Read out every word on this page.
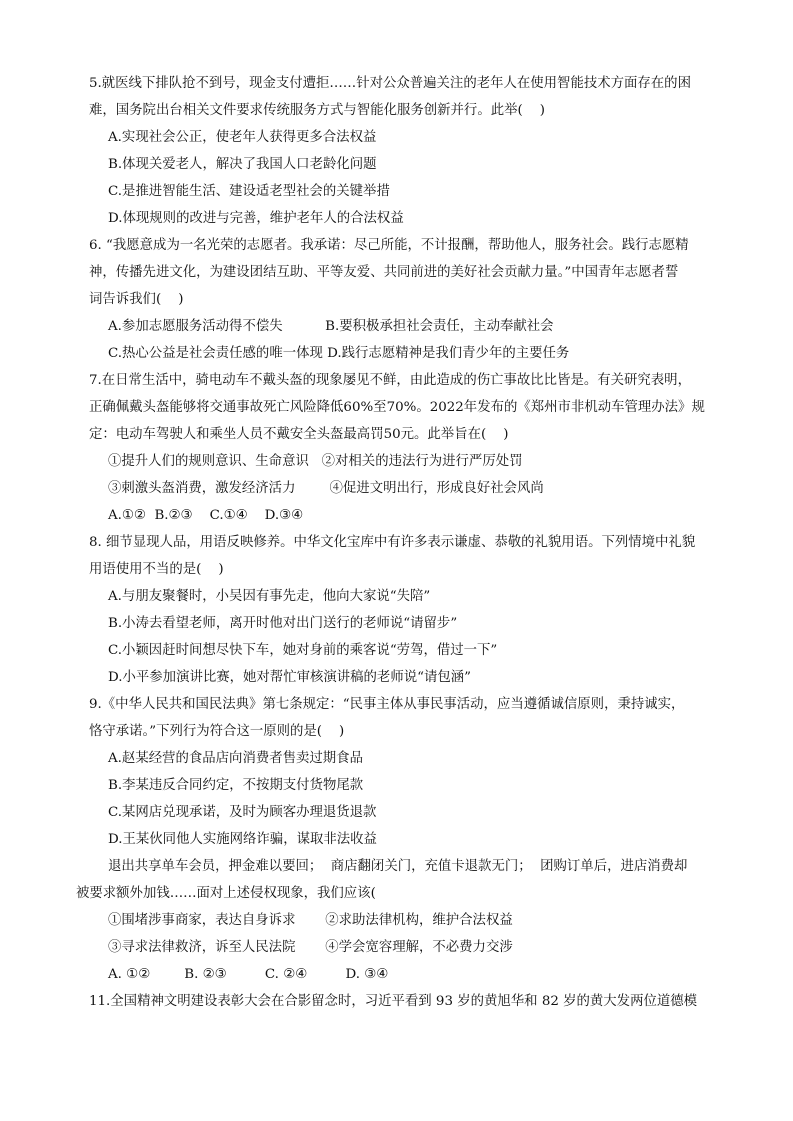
5.就医线下排队抢不到号，现金支付遭拒……针对公众普遍关注的老年人在使用智能技术方面存在的困
难，国务院出台相关文件要求传统服务方式与智能化服务创新并行。此举(    )
A.实现社会公正，使老年人获得更多合法权益
B.体现关爱老人，解决了我国人口老龄化问题
C.是推进智能生活、建设适老型社会的关键举措
D.体现规则的改进与完善，维护老年人的合法权益
6. “我愿意成为一名光荣的志愿者。我承诺：尽己所能，不计报酬，帮助他人，服务社会。践行志愿精
神，传播先进文化，为建设团结互助、平等友爱、共同前进的美好社会贡献力量。”中国青年志愿者誓
词告诉我们(    )
A.参加志愿服务活动得不偿失          B.要积极承担社会责任，主动奉献社会
C.热心公益是社会责任感的唯一体现 D.践行志愿精神是我们青少年的主要任务
7.在日常生活中，骑电动车不戴头盔的现象屡见不鲜，由此造成的伤亡事故比比皆是。有关研究表明，
正确佩戴头盔能够将交通事故死亡风险降低60%至70%。2022年发布的《郑州市非机动车管理办法》规
定：电动车驾驶人和乘坐人员不戴安全头盔最高罚50元。此举旨在(    )
①提升人们的规则意识、生命意识   ②对相关的违法行为进行严厉处罚
③刺激头盔消费，激发经济活力        ④促进文明出行，形成良好社会风尚
A.①②  B.②③    C.①④    D.③④
8. 细节显现人品，用语反映修养。中华文化宝库中有许多表示谦虚、恭敬的礼貌用语。下列情境中礼貌
用语使用不当的是(    )
A.与朋友聚餐时，小吴因有事先走，他向大家说“失陪”
B.小涛去看望老师，离开时他对出门送行的老师说“请留步”
C.小颖因赶时间想尽快下车，她对身前的乘客说“劳驾，借过一下”
D.小平参加演讲比赛，她对帮忙审核演讲稿的老师说“请包涵”
9.《中华人民共和国民法典》第七条规定：“民事主体从事民事活动，应当遵循诚信原则，秉持诚实，
恪守承诺。”下列行为符合这一原则的是(    )
A.赵某经营的食品店向消费者售卖过期食品
B.李某违反合同约定，不按期支付货物尾款
C.某网店兑现承诺，及时为顾客办理退货退款
D.王某伙同他人实施网络诈骗，谋取非法收益
退出共享单车会员，押金难以要回；  商店翻闭关门，充值卡退款无门；  团购订单后，进店消费却
被要求额外加钱……面对上述侵权现象，我们应该(
①围堵涉事商家，表达自身诉求       ②求助法律机构，维护合法权益
③寻求法律救济，诉至人民法院       ④学会宽容理解，不必费力交涉
A. ①②        B. ②③         C. ②④         D. ③④
11.全国精神文明建设表彰大会在合影留念时，习近平看到 93 岁的黄旭华和 82 岁的黄大发两位道德模
